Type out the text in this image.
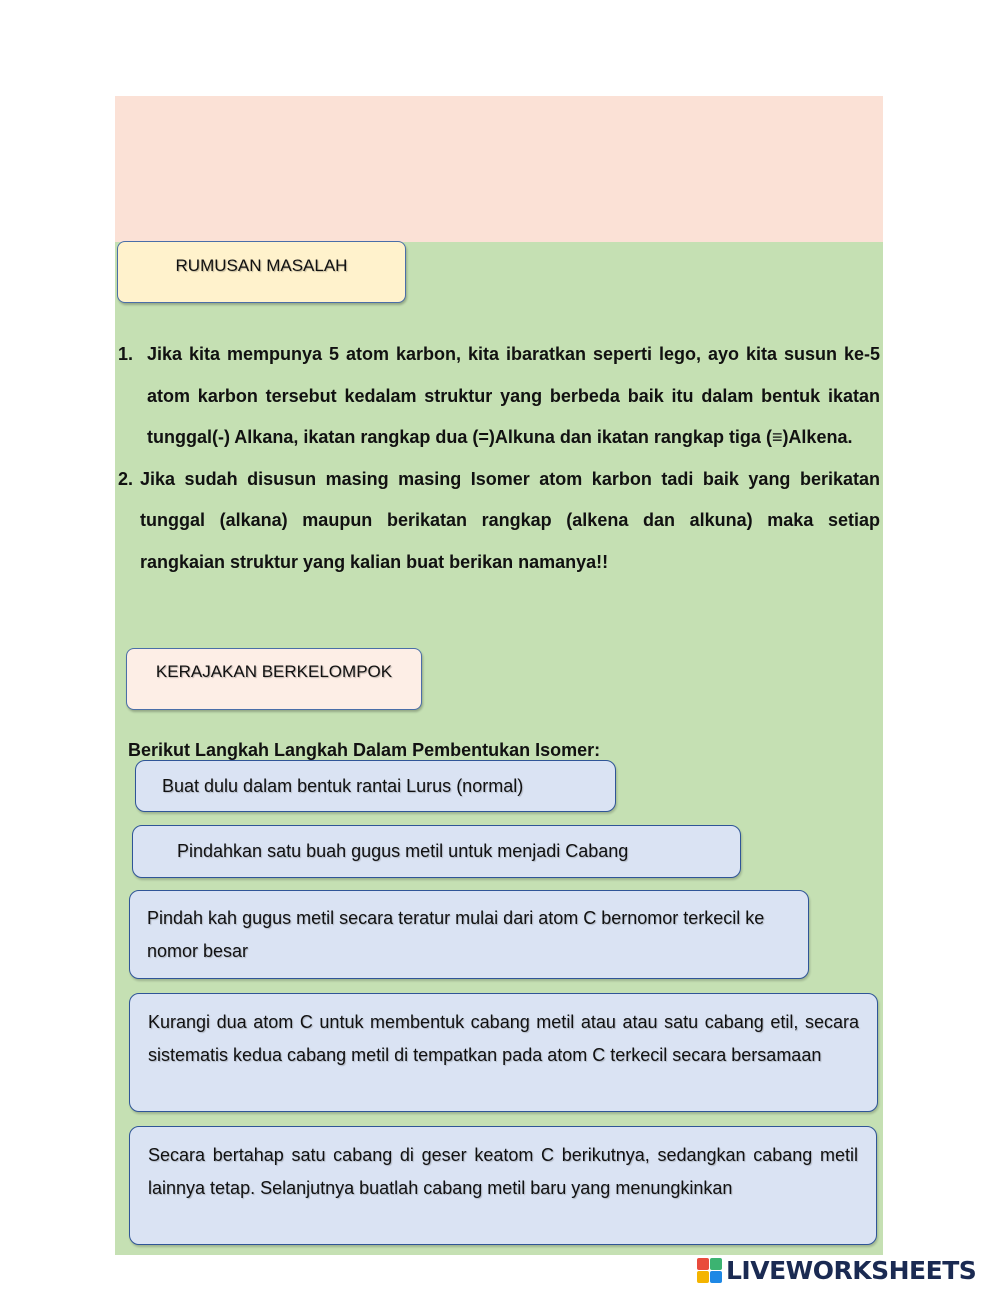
RUMUSAN MASALAH
1. Jika kita mempunya 5 atom karbon, kita ibaratkan seperti lego, ayo kita susun ke-5 atom karbon tersebut kedalam struktur yang berbeda baik itu dalam bentuk ikatan tunggal(-) Alkana, ikatan rangkap dua (=)Alkuna dan ikatan rangkap tiga (≡)Alkena.
2. Jika sudah disusun masing masing Isomer atom karbon tadi baik yang berikatan tunggal (alkana) maupun berikatan rangkap (alkena dan alkuna) maka setiap rangkaian struktur yang kalian buat berikan namanya!!
KERAJAKAN BERKELOMPOK
Berikut Langkah Langkah Dalam Pembentukan Isomer:
Buat dulu dalam bentuk rantai Lurus (normal)
Pindahkan satu buah gugus metil untuk menjadi Cabang
Pindah kah gugus metil secara teratur mulai dari atom C bernomor terkecil ke nomor besar
Kurangi dua atom C untuk membentuk cabang metil atau atau satu cabang etil, secara sistematis kedua cabang metil di tempatkan pada atom C terkecil secara bersamaan
Secara bertahap satu cabang di geser keatom C berikutnya, sedangkan cabang metil lainnya tetap. Selanjutnya buatlah cabang metil baru yang menungkinkan
LIVEWORKSHEETS
